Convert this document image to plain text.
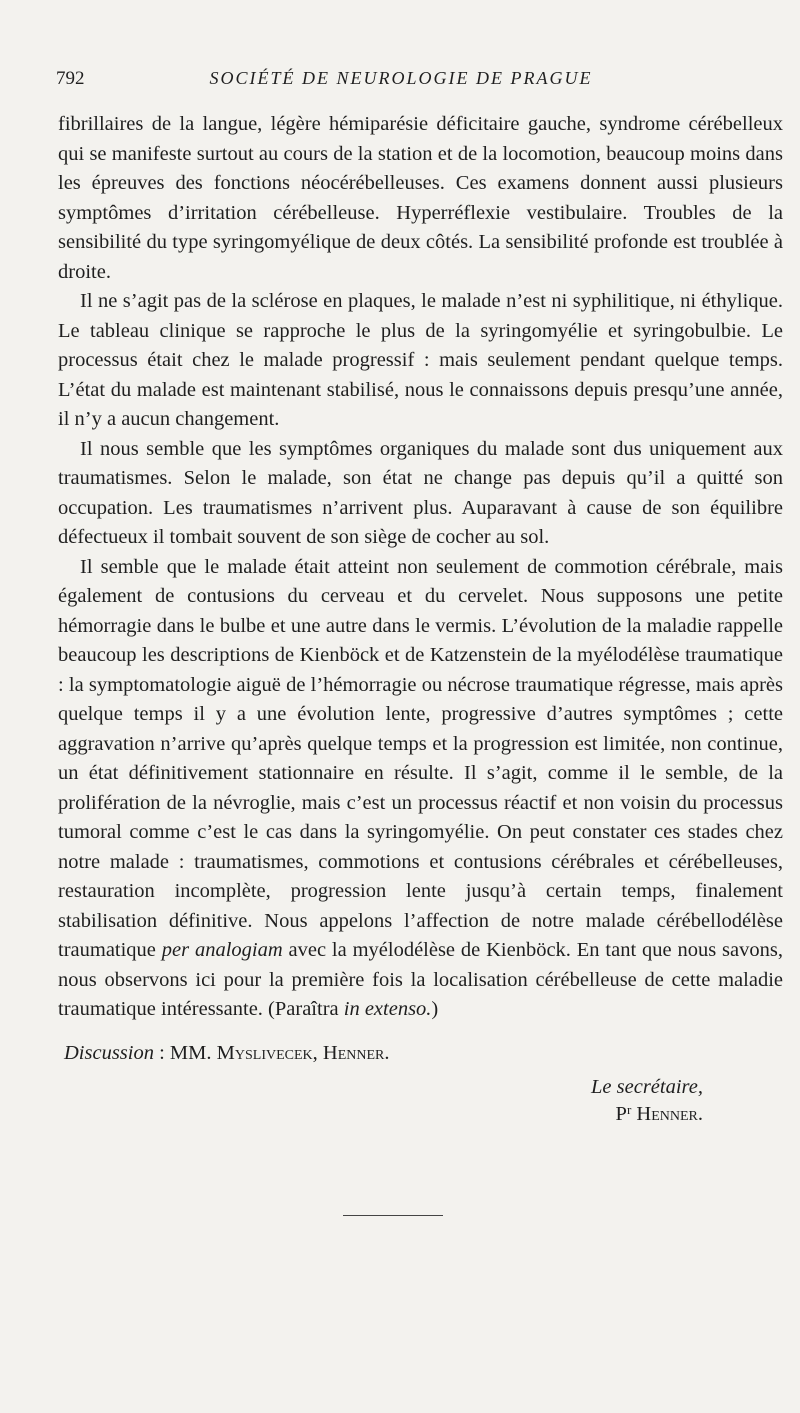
792	SOCIÉTÉ DE NEUROLOGIE DE PRAGUE

fibrillaires de la langue, légère hémiparésie déficitaire gauche, syndrome cérébelleux qui se manifeste surtout au cours de la station et de la locomotion, beaucoup moins dans les épreuves des fonctions néocérébelleuses. Ces examens donnent aussi plusieurs symptômes d’irritation cérébelleuse. Hyperréflexie vestibulaire. Troubles de la sensibilité du type syringomyélique de deux côtés. La sensibilité profonde est troublée à droite.

Il ne s’agit pas de la sclérose en plaques, le malade n’est ni syphilitique, ni éthylique. Le tableau clinique se rapproche le plus de la syringomyélie et syringobulbie. Le processus était chez le malade progressif : mais seulement pendant quelque temps. L’état du malade est maintenant stabilisé, nous le connaissons depuis presqu’une année, il n’y a aucun changement.

Il nous semble que les symptômes organiques du malade sont dus uniquement aux traumatismes. Selon le malade, son état ne change pas depuis qu’il a quitté son occupation. Les traumatismes n’arrivent plus. Auparavant à cause de son équilibre défectueux il tombait souvent de son siège de cocher au sol.

Il semble que le malade était atteint non seulement de commotion cérébrale, mais également de contusions du cerveau et du cervelet. Nous supposons une petite hémorragie dans le bulbe et une autre dans le vermis. L’évolution de la maladie rappelle beaucoup les descriptions de Kienböck et de Katzenstein de la myélodélèse traumatique : la symptomatologie aiguë de l’hémorragie ou nécrose traumatique régresse, mais après quelque temps il y a une évolution lente, progressive d’autres symptômes ; cette aggravation n’arrive qu’après quelque temps et la progression est limitée, non continue, un état définitivement stationnaire en résulte. Il s’agit, comme il le semble, de la prolifération de la névroglie, mais c’est un processus réactif et non voisin du processus tumoral comme c’est le cas dans la syringomyélie. On peut constater ces stades chez notre malade : traumatismes, commotions et contusions cérébrales et cérébelleuses, restauration incomplète, progression lente jusqu’à certain temps, finalement stabilisation définitive. Nous appelons l’affection de notre malade cérébellodélèse traumatique per analogiam avec la myélodélèse de Kienböck. En tant que nous savons, nous observons ici pour la première fois la localisation cérébelleuse de cette maladie traumatique intéressante. (Paraîtra in extenso.)

Discussion : MM. Myslivecek, Henner.

Le secrétaire,
$P^r$ Henner.
